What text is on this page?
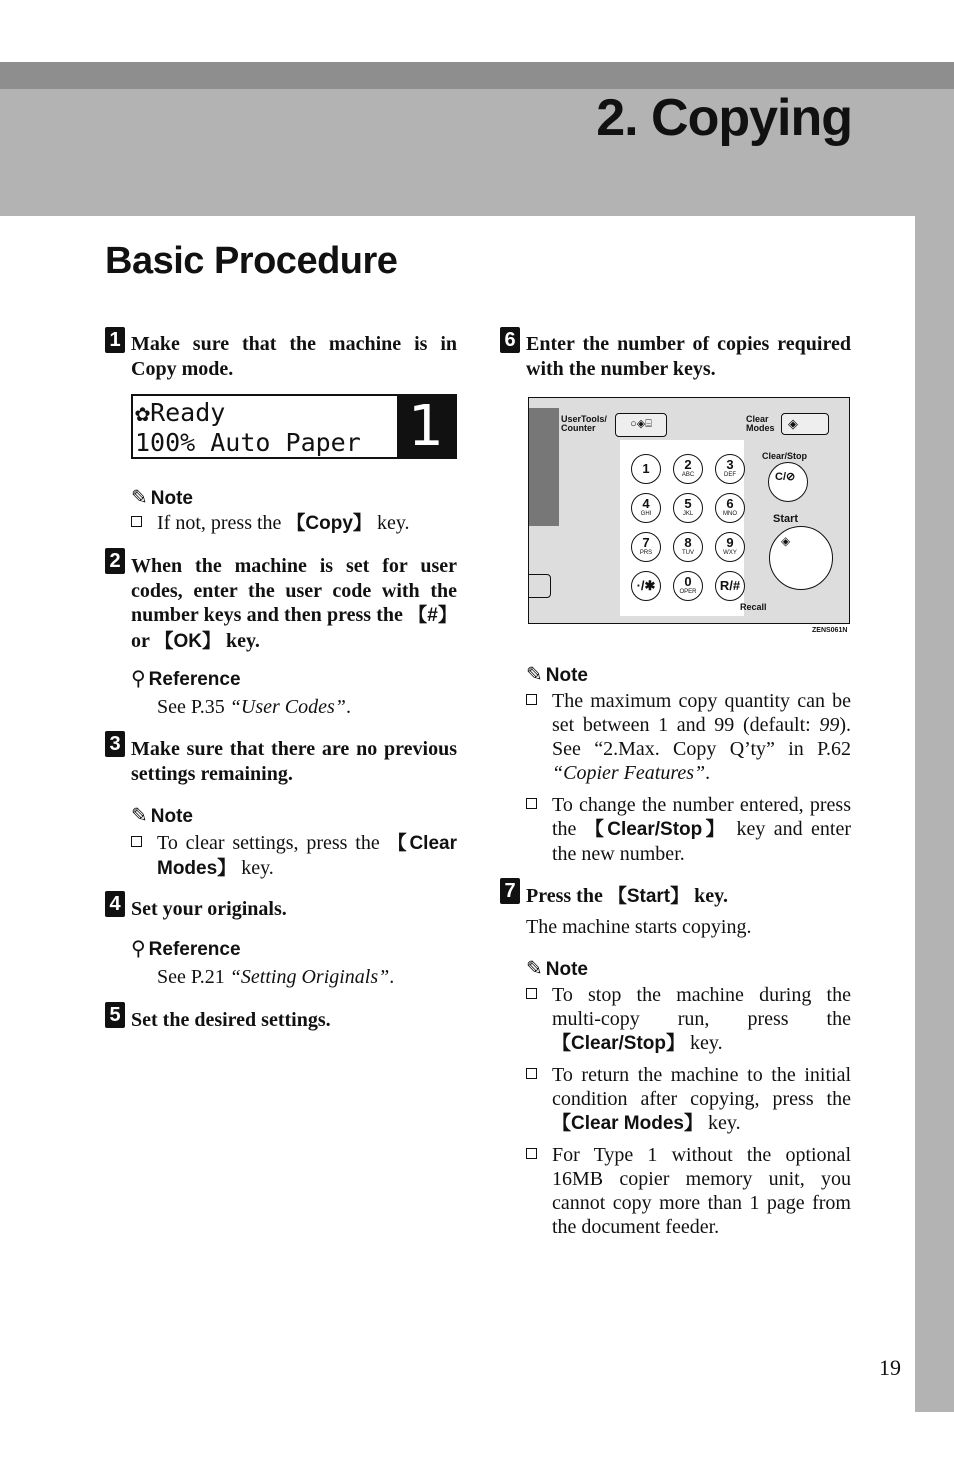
2. Copying
Basic Procedure
1 Make sure that the machine is in Copy mode.
✿Ready
100% Auto Paper 1
✎ Note
If not, press the 【Copy】 key.
2 When the machine is set for user codes, enter the user code with the number keys and then press the 【#】 or 【OK】 key.
⚲ Reference
See P.35 “User Codes”.
3 Make sure that there are no previous settings remaining.
✎ Note
To clear settings, press the 【Clear Modes】 key.
4 Set your originals.
⚲ Reference
See P.21 “Setting Originals”.
5 Set the desired settings.
6 Enter the number of copies required with the number keys.
UserTools/
Counter	○◈⌸	Clear
Modes	◈
Clear/Stop
C/⊘
Start
◈
Recall
1	2
ABC
3
DEF
4
GHI
5
JKL
6
MNO
7
PRS
8
TUV
9
WXY
·/✱	0
OPER	R/#
ZENS061N
✎ Note
The maximum copy quantity can be set between 1 and 99 (default: 99). See “2.Max. Copy Q’ty” in P.62 “Copier Features”.
To change the number entered, press the 【Clear/Stop】 key and enter the new number.
7 Press the 【Start】 key.
The machine starts copying.
✎ Note
To stop the machine during the multi-copy run, press the 【Clear/Stop】 key.
To return the machine to the initial condition after copying, press the 【Clear Modes】 key.
For Type 1 without the optional 16MB copier memory unit, you cannot copy more than 1 page from the document feeder.
19
